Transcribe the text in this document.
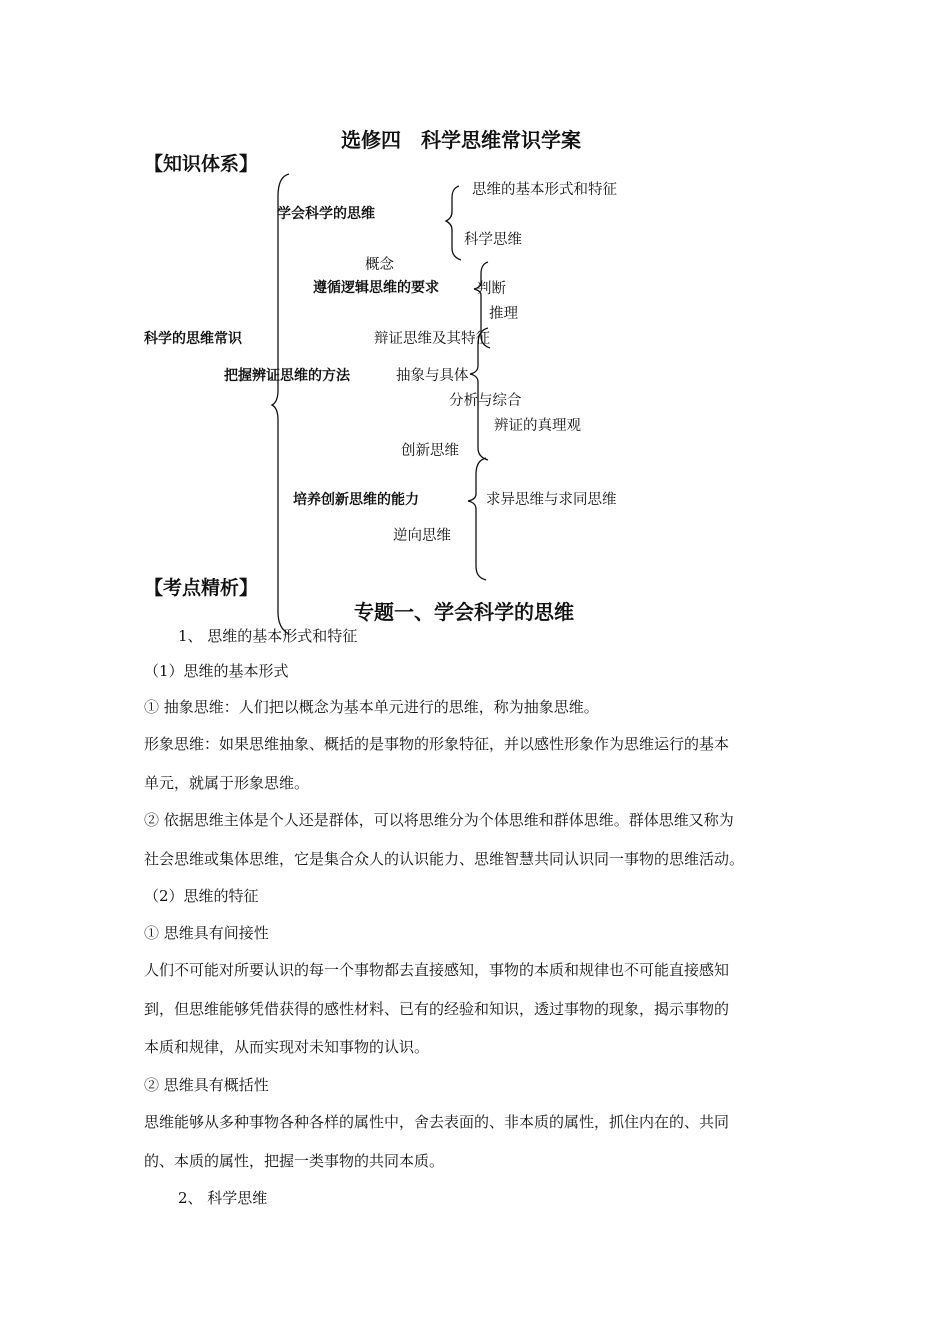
选修四　科学思维常识学案
【知识体系】
科学的思维常识
学会科学的思维
思维的基本形式和特征
科学思维
概念
遵循逻辑思维的要求	判断
推理
辩证思维及其特征
把握辨证思维的方法	抽象与具体
分析与综合
辨证的真理观
创新思维
培养创新思维的能力	求异思维与求同思维
逆向思维
【考点精析】
专题一、学会科学的思维
1、 思维的基本形式和特征
（1）思维的基本形式
① 抽象思维：人们把以概念为基本单元进行的思维，称为抽象思维。
形象思维：如果思维抽象、概括的是事物的形象特征，并以感性形象作为思维运行的基本
单元，就属于形象思维。
② 依据思维主体是个人还是群体，可以将思维分为个体思维和群体思维。群体思维又称为
社会思维或集体思维，它是集合众人的认识能力、思维智慧共同认识同一事物的思维活动。
（2）思维的特征
① 思维具有间接性
人们不可能对所要认识的每一个事物都去直接感知，事物的本质和规律也不可能直接感知
到，但思维能够凭借获得的感性材料、已有的经验和知识，透过事物的现象，揭示事物的
本质和规律，从而实现对未知事物的认识。
② 思维具有概括性
思维能够从多种事物各种各样的属性中，舍去表面的、非本质的属性，抓住内在的、共同
的、本质的属性，把握一类事物的共同本质。
2、 科学思维
